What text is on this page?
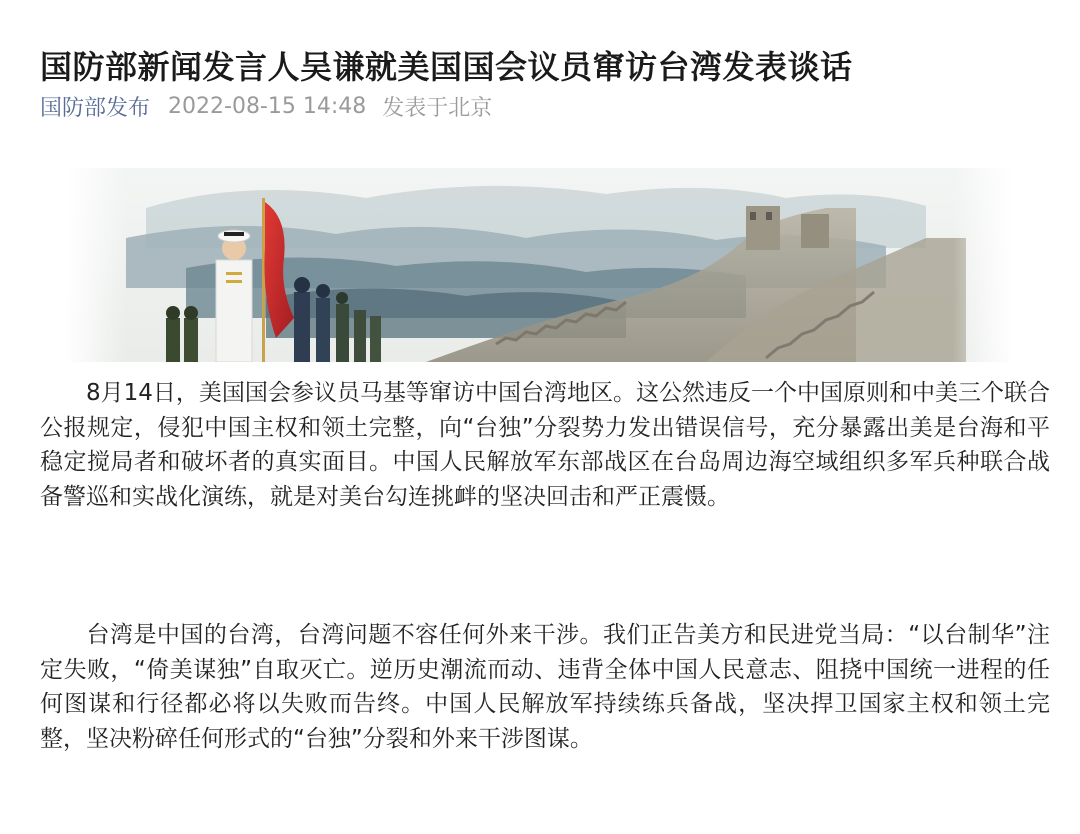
国防部新闻发言人吴谦就美国国会议员窜访台湾发表谈话
国防部发布 2022-08-15 14:48 发表于北京

8月14日，美国国会参议员马基等窜访中国台湾地区。这公然违反一个中国原则和中美三个联合公报规定，侵犯中国主权和领土完整，向“台独”分裂势力发出错误信号，充分暴露出美是台海和平稳定搅局者和破坏者的真实面目。中国人民解放军东部战区在台岛周边海空域组织多军兵种联合战备警巡和实战化演练，就是对美台勾连挑衅的坚决回击和严正震慑。

台湾是中国的台湾，台湾问题不容任何外来干涉。我们正告美方和民进党当局：“以台制华”注定失败，“倚美谋独”自取灭亡。逆历史潮流而动、违背全体中国人民意志、阻挠中国统一进程的任何图谋和行径都必将以失败而告终。中国人民解放军持续练兵备战，坚决捍卫国家主权和领土完整，坚决粉碎任何形式的“台独”分裂和外来干涉图谋。
